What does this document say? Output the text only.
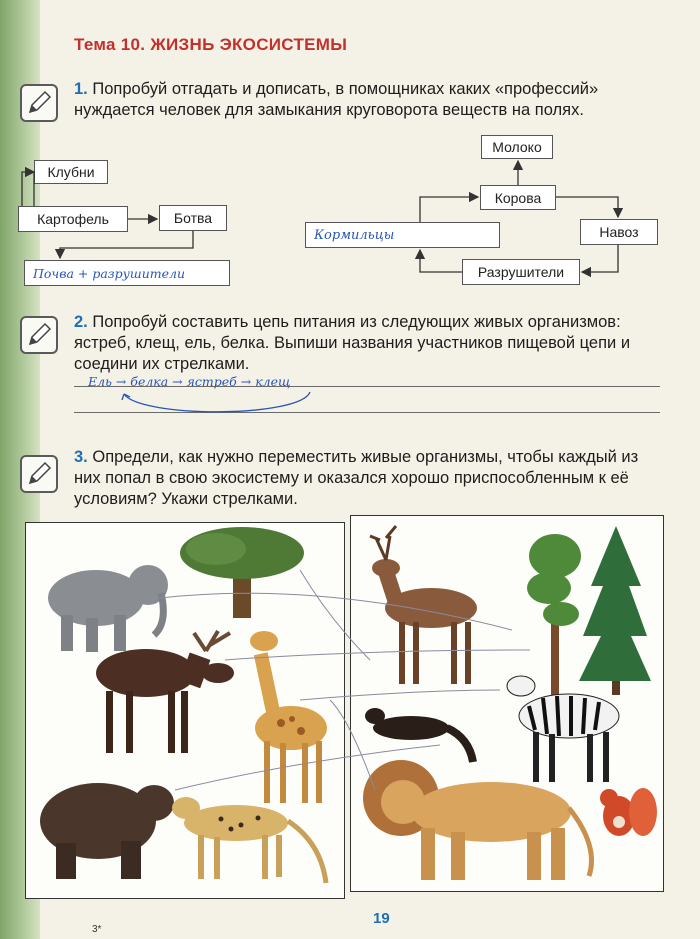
Тема 10. ЖИЗНЬ ЭКОСИСТЕМЫ
1. Попробуй отгадать и дописать, в помощниках каких «профессий» нуждается человек для замыкания круговорота веществ на полях.
Клубни
Картофель	Ботва
Почва + разрушители
Молоко
Корова
Навоз
Разрушители
Кормильцы
2. Попробуй составить цепь питания из следующих живых организмов: ястреб, клещ, ель, белка. Выпиши названия участников пищевой цепи и соедини их стрелками.
Ель → белка → ястреб → клещ
3. Определи, как нужно переместить живые организмы, чтобы каждый из них попал в свою экосистему и оказался хорошо приспособленным к её условиям? Укажи стрелками.
19
3*
